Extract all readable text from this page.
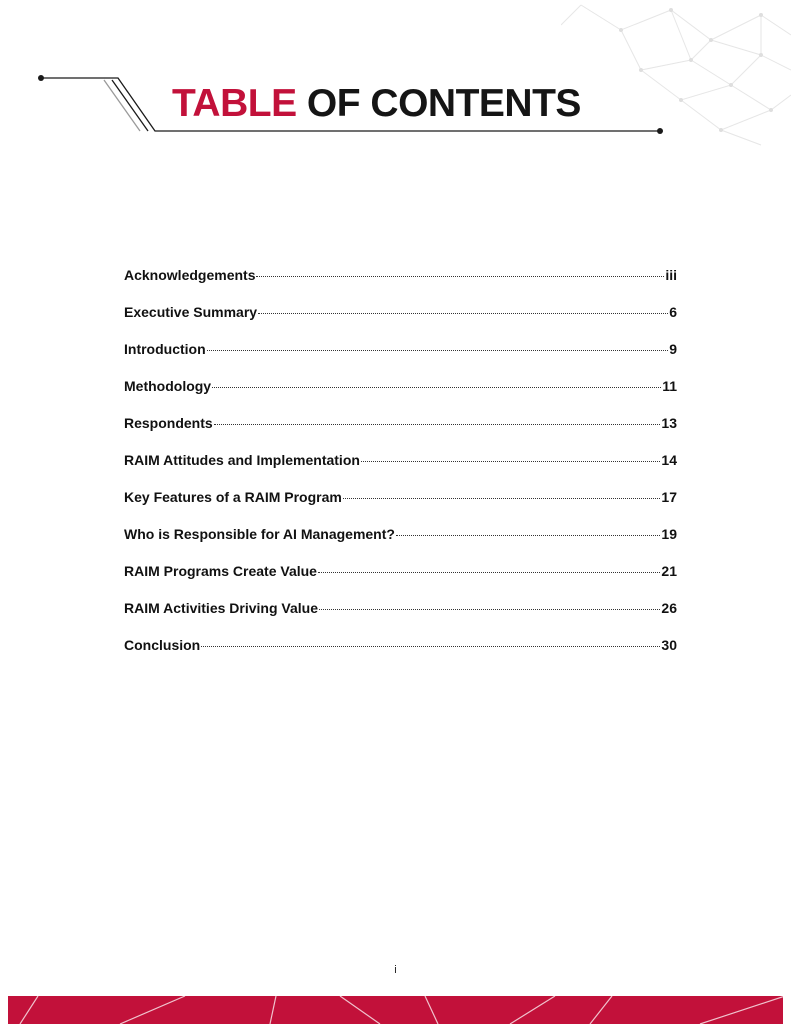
TABLE OF CONTENTS
Acknowledgements	iii
Executive Summary	6
Introduction	9
Methodology	11
Respondents	13
RAIM Attitudes and Implementation	14
Key Features of a RAIM Program	17
Who is Responsible for AI Management?	19
RAIM Programs Create Value	21
RAIM Activities Driving Value	26
Conclusion	30
i
